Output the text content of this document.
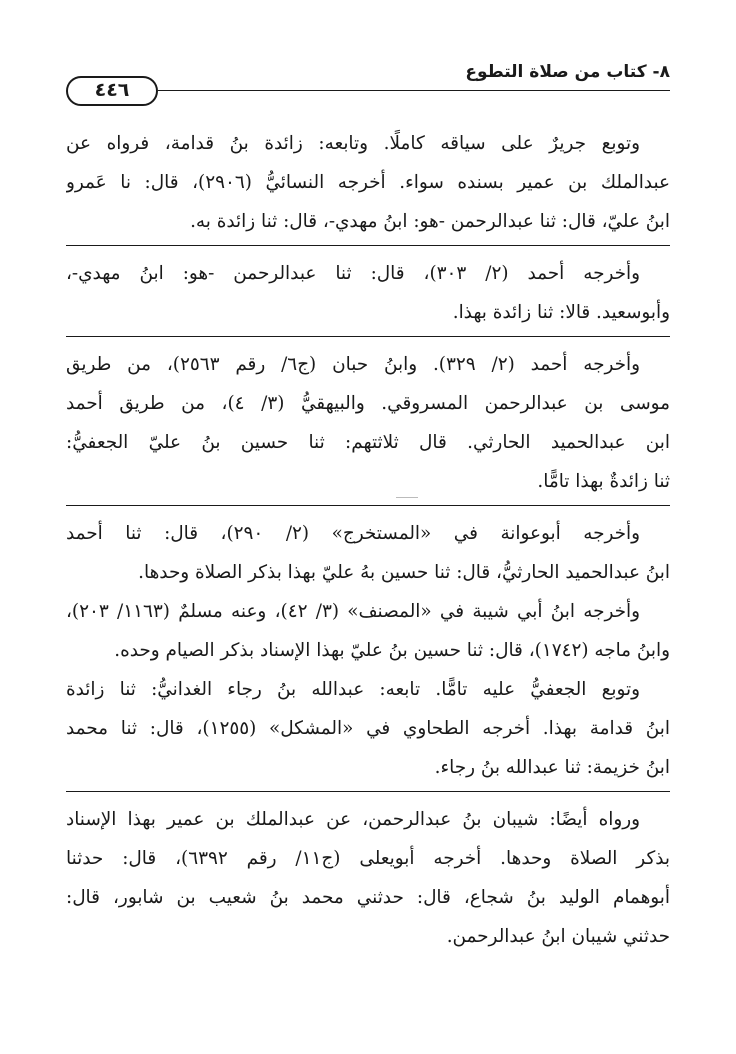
٨- كتاب من صلاة التطوع
٤٤٦
وتوبع جريرٌ على سياقه كاملًا. وتابعه: زائدة بنُ قدامة، فرواه عن
عبدالملك بن عمير بسنده سواء. أخرجه النسائيُّ (٢٩٠٦)، قال: نا عَمرو
ابنُ عليّ، قال: ثنا عبدالرحمن -هو: ابنُ مهدي-، قال: ثنا زائدة به.
وأخرجه أحمد (٢/ ٣٠٣)، قال: ثنا عبدالرحمن -هو: ابنُ مهدي-،
وأبوسعيد. قالا: ثنا زائدة بهذا.
وأخرجه أحمد (٢/ ٣٢٩). وابنُ حبان (ج٦/ رقم ٢٥٦٣)، من طريق
موسى بن عبدالرحمن المسروقي. والبيهقيُّ (٣/ ٤)، من طريق أحمد
ابن عبدالحميد الحارثي. قال ثلاثتهم: ثنا حسين بنُ عليّ الجعفيُّ:
ثنا زائدةٌ بهذا تامًّا.
وأخرجه أبوعوانة في «المستخرج» (٢/ ٢٩٠)، قال: ثنا أحمد
ابنُ عبدالحميد الحارثيُّ، قال: ثنا حسين بهُ عليّ بهذا بذكر الصلاة وحدها.
وأخرجه ابنُ أبي شيبة في «المصنف» (٣/ ٤٢)، وعنه مسلمٌ (١١٦٣/ ٢٠٣)،
وابنُ ماجه (١٧٤٢)، قال: ثنا حسين بنُ عليّ بهذا الإسناد بذكر الصيام وحده.
وتوبع الجعفيُّ عليه تامًّا. تابعه: عبدالله بنُ رجاء الغدانيُّ: ثنا زائدة
ابنُ قدامة بهذا. أخرجه الطحاوي في «المشكل» (١٢٥٥)، قال: ثنا محمد
ابنُ خزيمة: ثنا عبدالله بنُ رجاء.
ورواه أيضًا: شيبان بنُ عبدالرحمن، عن عبدالملك بن عمير بهذا الإسناد
بذكر الصلاة وحدها. أخرجه أبويعلى (ج١١/ رقم ٦٣٩٢)، قال: حدثنا
أبوهمام الوليد بنُ شجاع، قال: حدثني محمد بنُ شعيب بن شابور، قال:
حدثني شيبان ابنُ عبدالرحمن.
